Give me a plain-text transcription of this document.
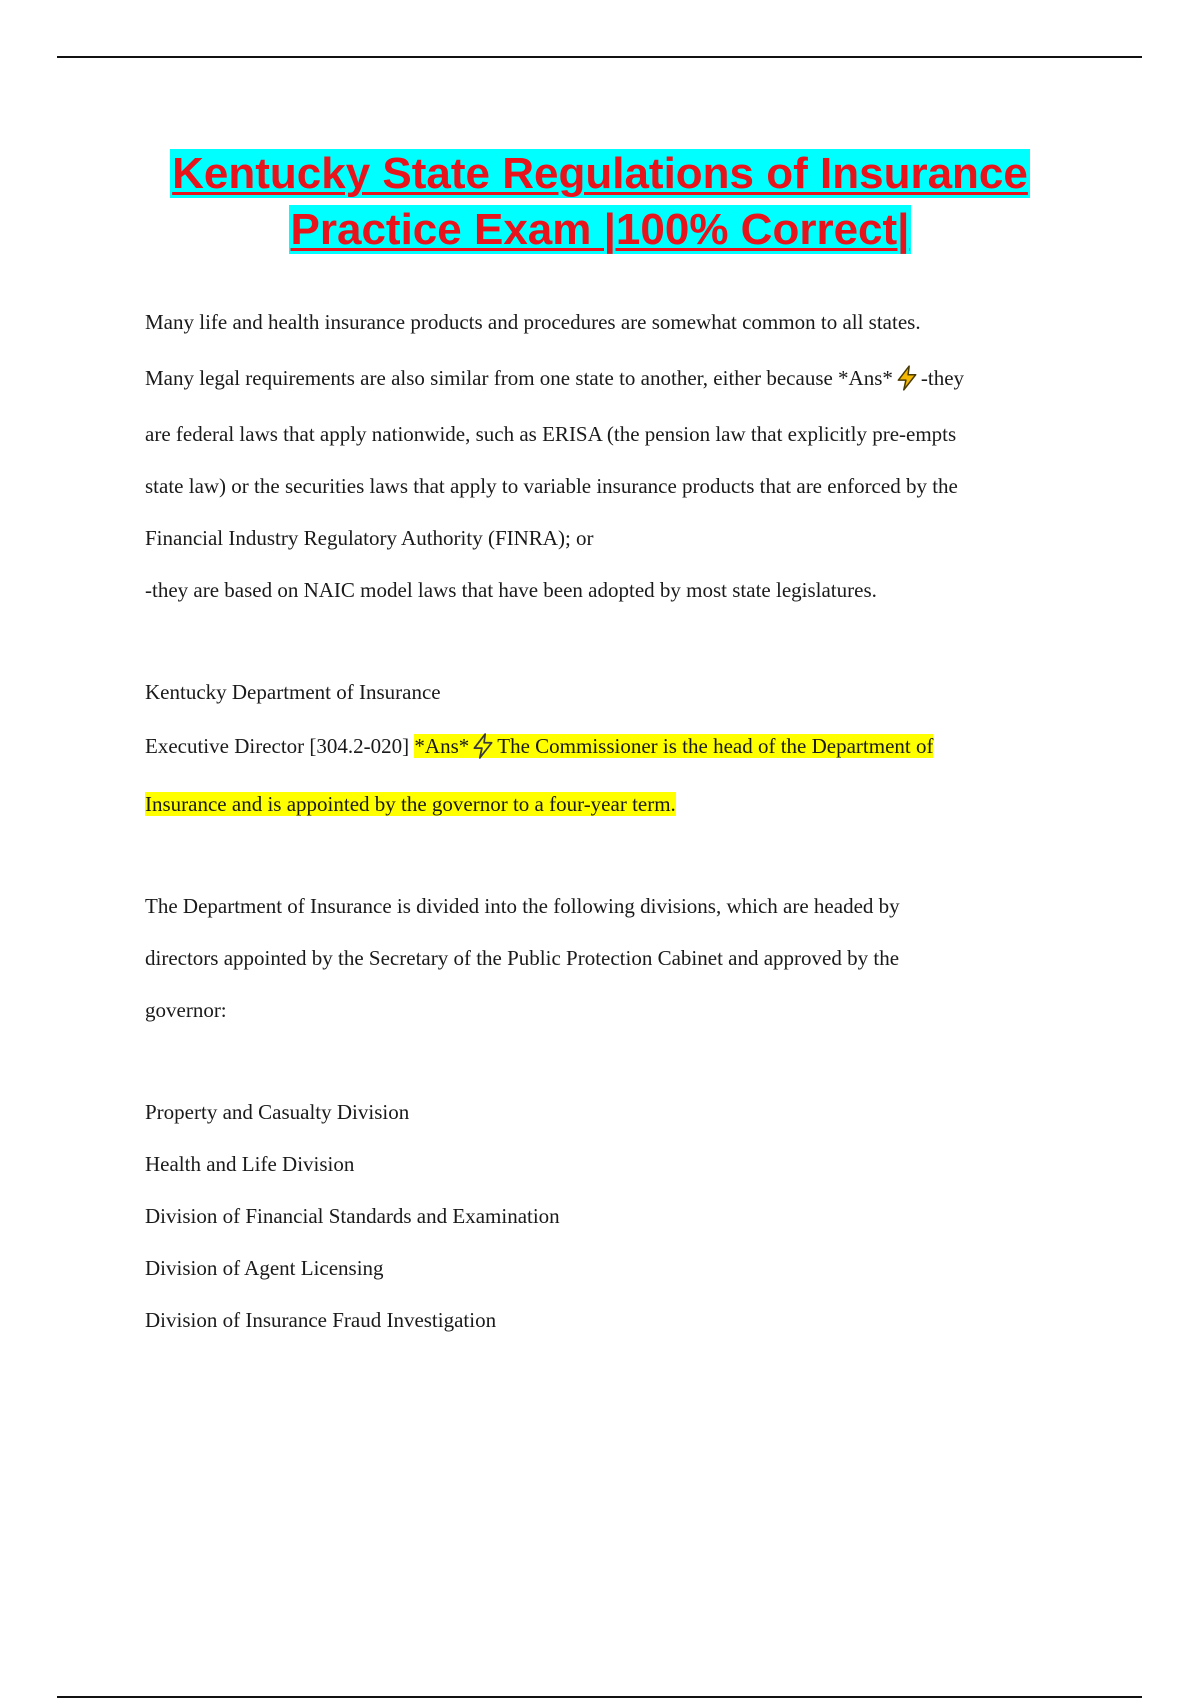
Kentucky State Regulations of Insurance
Practice Exam |100% Correct|
Many life and health insurance products and procedures are somewhat common to all states.
Many legal requirements are also similar from one state to another, either because *Ans* -they
are federal laws that apply nationwide, such as ERISA (the pension law that explicitly pre-empts
state law) or the securities laws that apply to variable insurance products that are enforced by the
Financial Industry Regulatory Authority (FINRA); or
-they are based on NAIC model laws that have been adopted by most state legislatures.
Kentucky Department of Insurance
Executive Director [304.2-020] *Ans* The Commissioner is the head of the Department of
Insurance and is appointed by the governor to a four-year term.
The Department of Insurance is divided into the following divisions, which are headed by
directors appointed by the Secretary of the Public Protection Cabinet and approved by the
governor:
Property and Casualty Division
Health and Life Division
Division of Financial Standards and Examination
Division of Agent Licensing
Division of Insurance Fraud Investigation
